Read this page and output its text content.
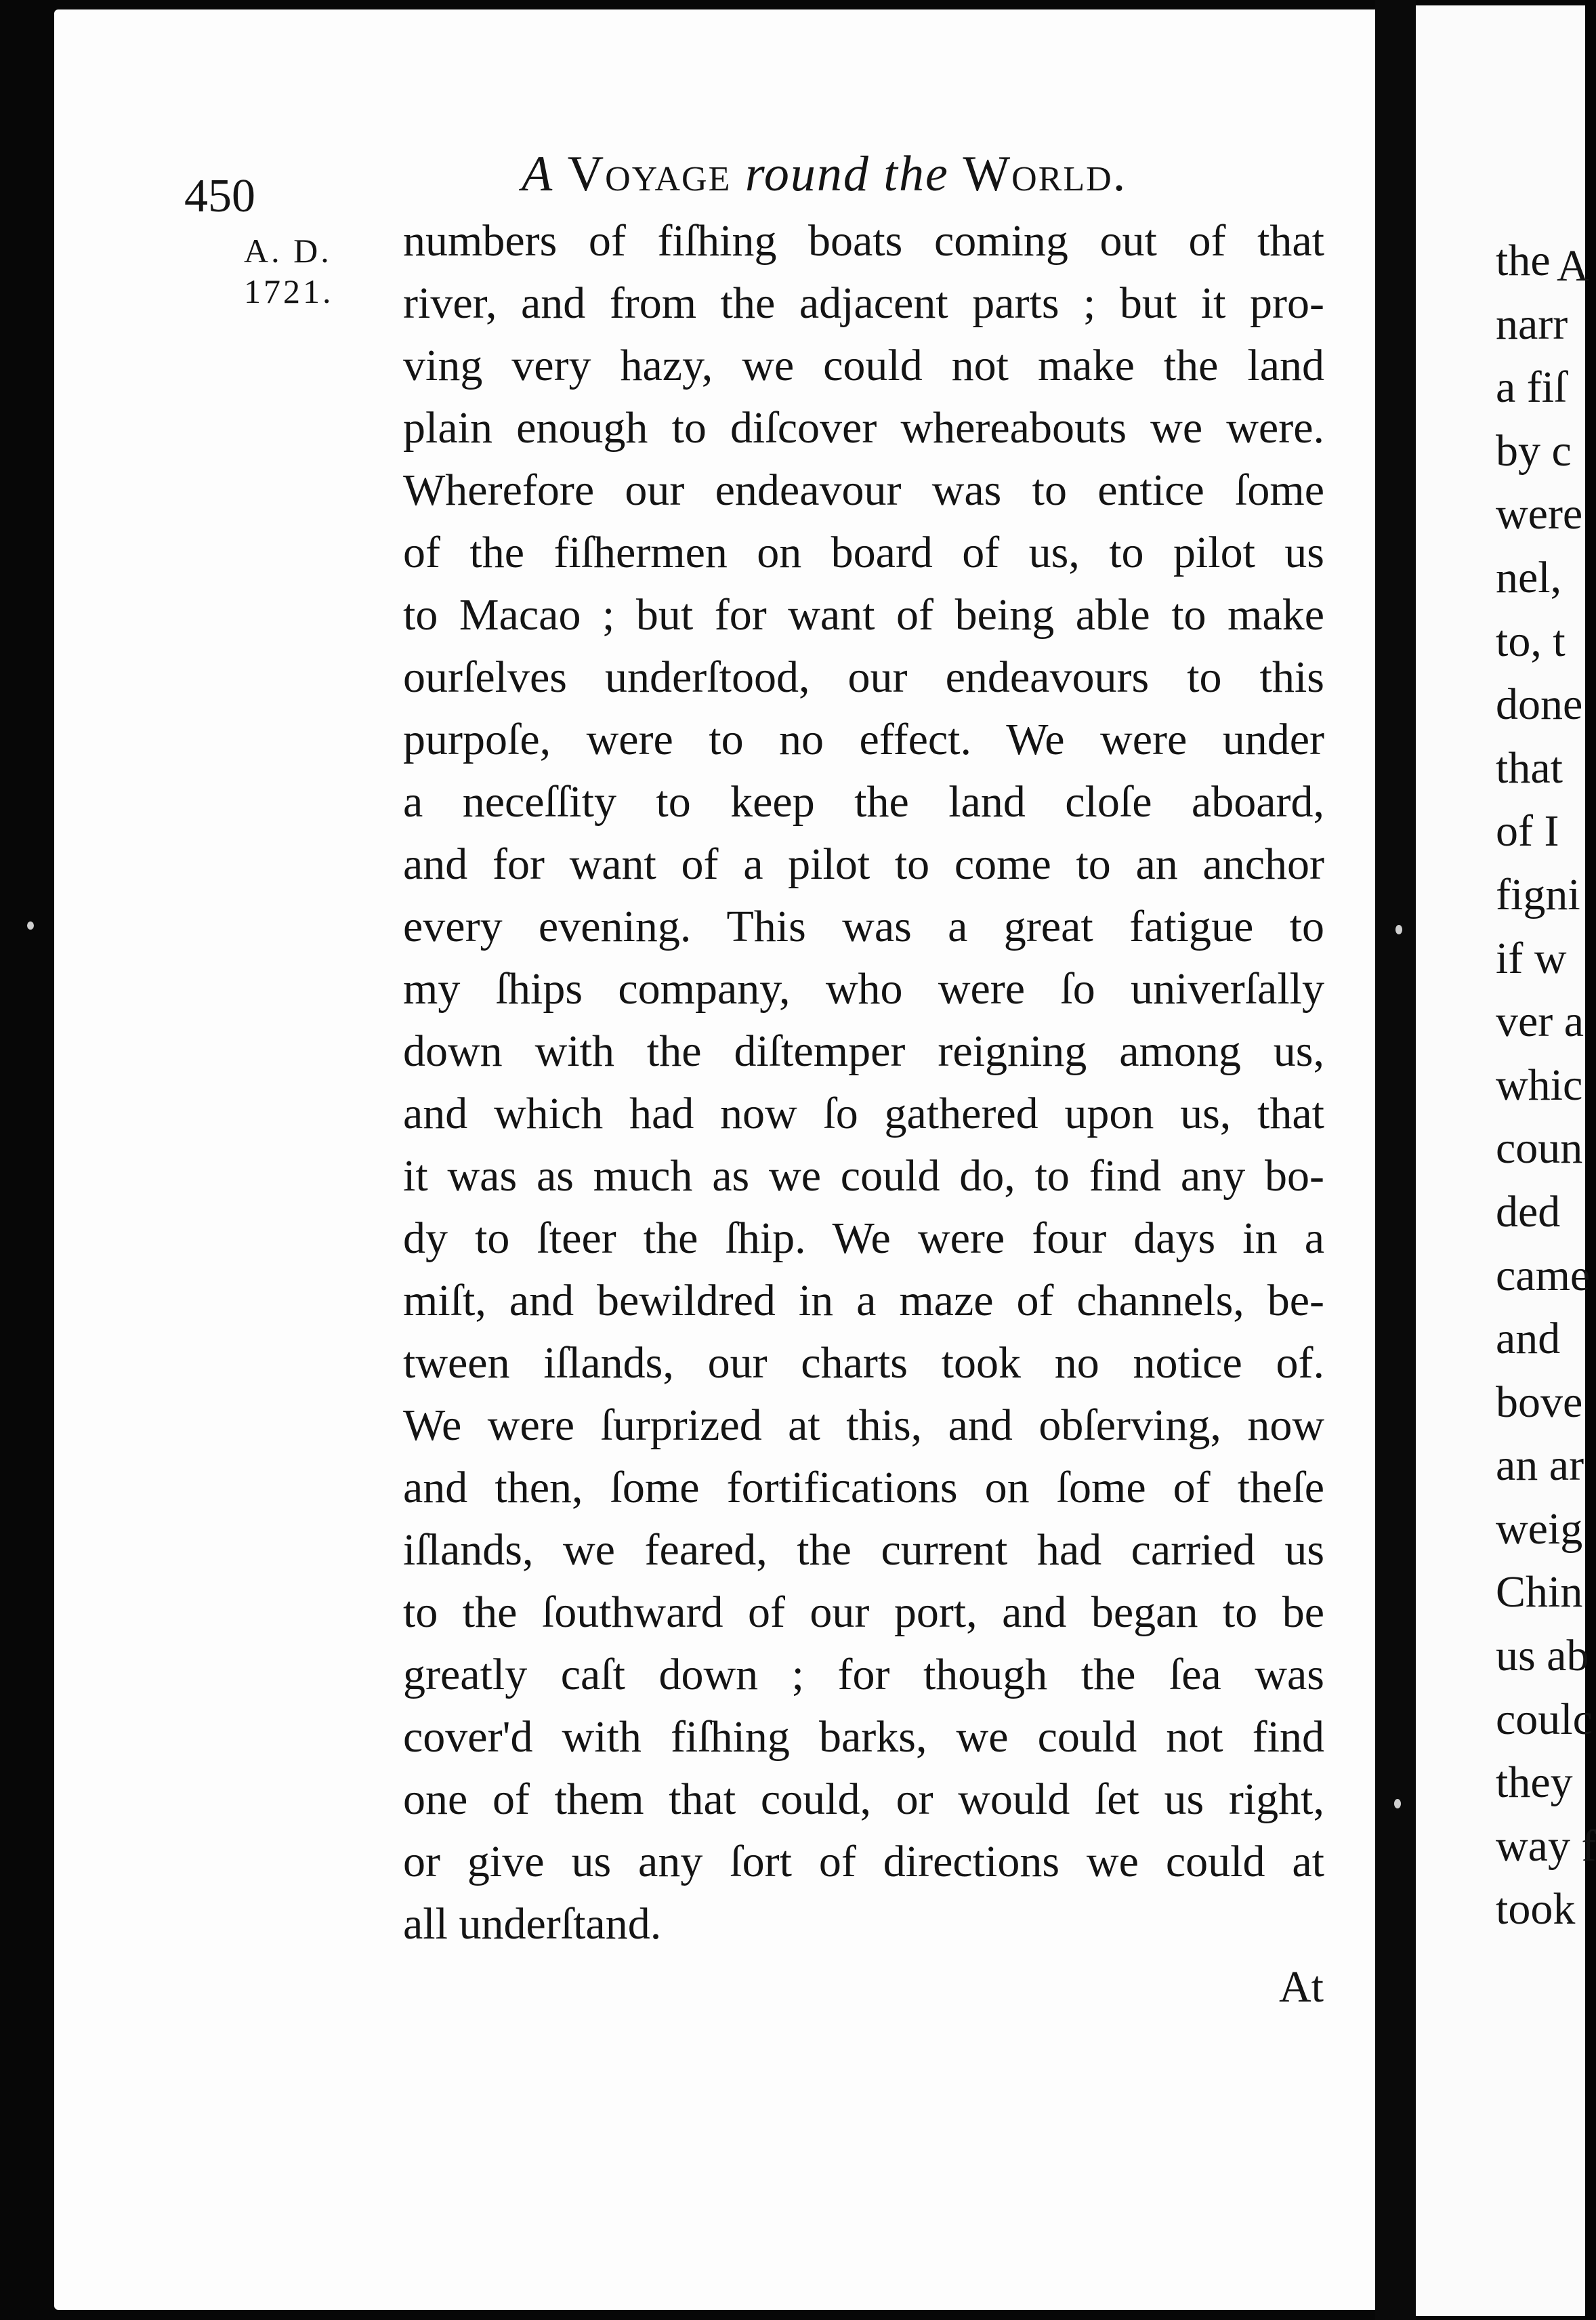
450	A Voyage round the World.
A. D.
1721.
numbers of fiſhing boats coming out of that
river, and from the adjacent parts ; but it pro-
ving very hazy, we could not make the land
plain enough to diſcover whereabouts we were.
Wherefore our endeavour was to entice ſome
of the fiſhermen on board of us, to pilot us
to Macao ; but for want of being able to make
ourſelves underſtood, our endeavours to this
purpoſe, were to no effect. We were under
a neceſſity to keep the land cloſe aboard,
and for want of a pilot to come to an anchor
every evening. This was a great fatigue to
my ſhips company, who were ſo univerſally
down with the diſtemper reigning among us,
and which had now ſo gathered upon us, that
it was as much as we could do, to find any bo-
dy to ſteer the ſhip. We were four days in a
miſt, and bewildred in a maze of channels, be-
tween iſlands, our charts took no notice of.
We were ſurprized at this, and obſerving, now
and then, ſome fortifications on ſome of theſe
iſlands, we feared, the current had carried us
to the ſouthward of our port, and began to be
greatly caſt down ; for though the ſea was
cover'd with fiſhing barks, we could not find
one of them that could, or would ſet us right,
or give us any ſort of directions we could at
all underſtand.
At
the
narr
a fiſ
by c
were
nel,
to, t
done
that
of I
figni
if w
ver a
whic
coun
ded
came
and
bove
an ar
weig
Chin
us ab
coulc
they
way f
took
A
